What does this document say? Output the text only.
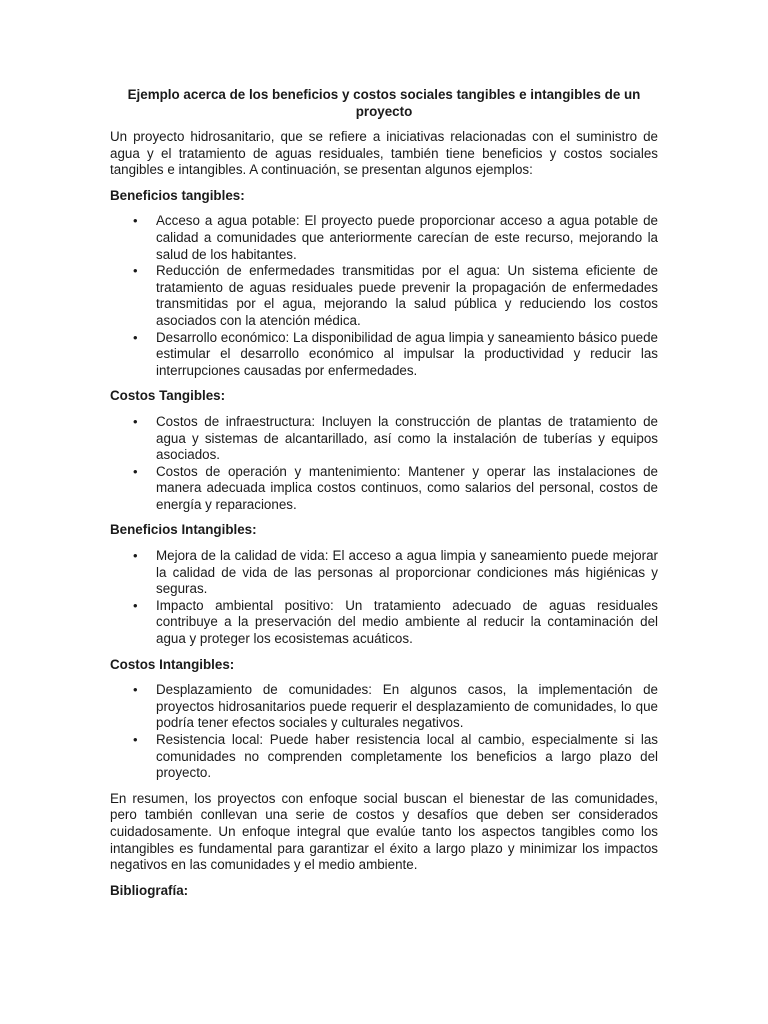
Ejemplo acerca de los beneficios y costos sociales tangibles e intangibles de un proyecto
Un proyecto hidrosanitario, que se refiere a iniciativas relacionadas con el suministro de agua y el tratamiento de aguas residuales, también tiene beneficios y costos sociales tangibles e intangibles. A continuación, se presentan algunos ejemplos:
Beneficios tangibles:
• Acceso a agua potable: El proyecto puede proporcionar acceso a agua potable de calidad a comunidades que anteriormente carecían de este recurso, mejorando la salud de los habitantes.
• Reducción de enfermedades transmitidas por el agua: Un sistema eficiente de tratamiento de aguas residuales puede prevenir la propagación de enfermedades transmitidas por el agua, mejorando la salud pública y reduciendo los costos asociados con la atención médica.
• Desarrollo económico: La disponibilidad de agua limpia y saneamiento básico puede estimular el desarrollo económico al impulsar la productividad y reducir las interrupciones causadas por enfermedades.
Costos Tangibles:
• Costos de infraestructura: Incluyen la construcción de plantas de tratamiento de agua y sistemas de alcantarillado, así como la instalación de tuberías y equipos asociados.
• Costos de operación y mantenimiento: Mantener y operar las instalaciones de manera adecuada implica costos continuos, como salarios del personal, costos de energía y reparaciones.
Beneficios Intangibles:
• Mejora de la calidad de vida: El acceso a agua limpia y saneamiento puede mejorar la calidad de vida de las personas al proporcionar condiciones más higiénicas y seguras.
• Impacto ambiental positivo: Un tratamiento adecuado de aguas residuales contribuye a la preservación del medio ambiente al reducir la contaminación del agua y proteger los ecosistemas acuáticos.
Costos Intangibles:
• Desplazamiento de comunidades: En algunos casos, la implementación de proyectos hidrosanitarios puede requerir el desplazamiento de comunidades, lo que podría tener efectos sociales y culturales negativos.
• Resistencia local: Puede haber resistencia local al cambio, especialmente si las comunidades no comprenden completamente los beneficios a largo plazo del proyecto.
En resumen, los proyectos con enfoque social buscan el bienestar de las comunidades, pero también conllevan una serie de costos y desafíos que deben ser considerados cuidadosamente. Un enfoque integral que evalúe tanto los aspectos tangibles como los intangibles es fundamental para garantizar el éxito a largo plazo y minimizar los impactos negativos en las comunidades y el medio ambiente.
Bibliografía:
